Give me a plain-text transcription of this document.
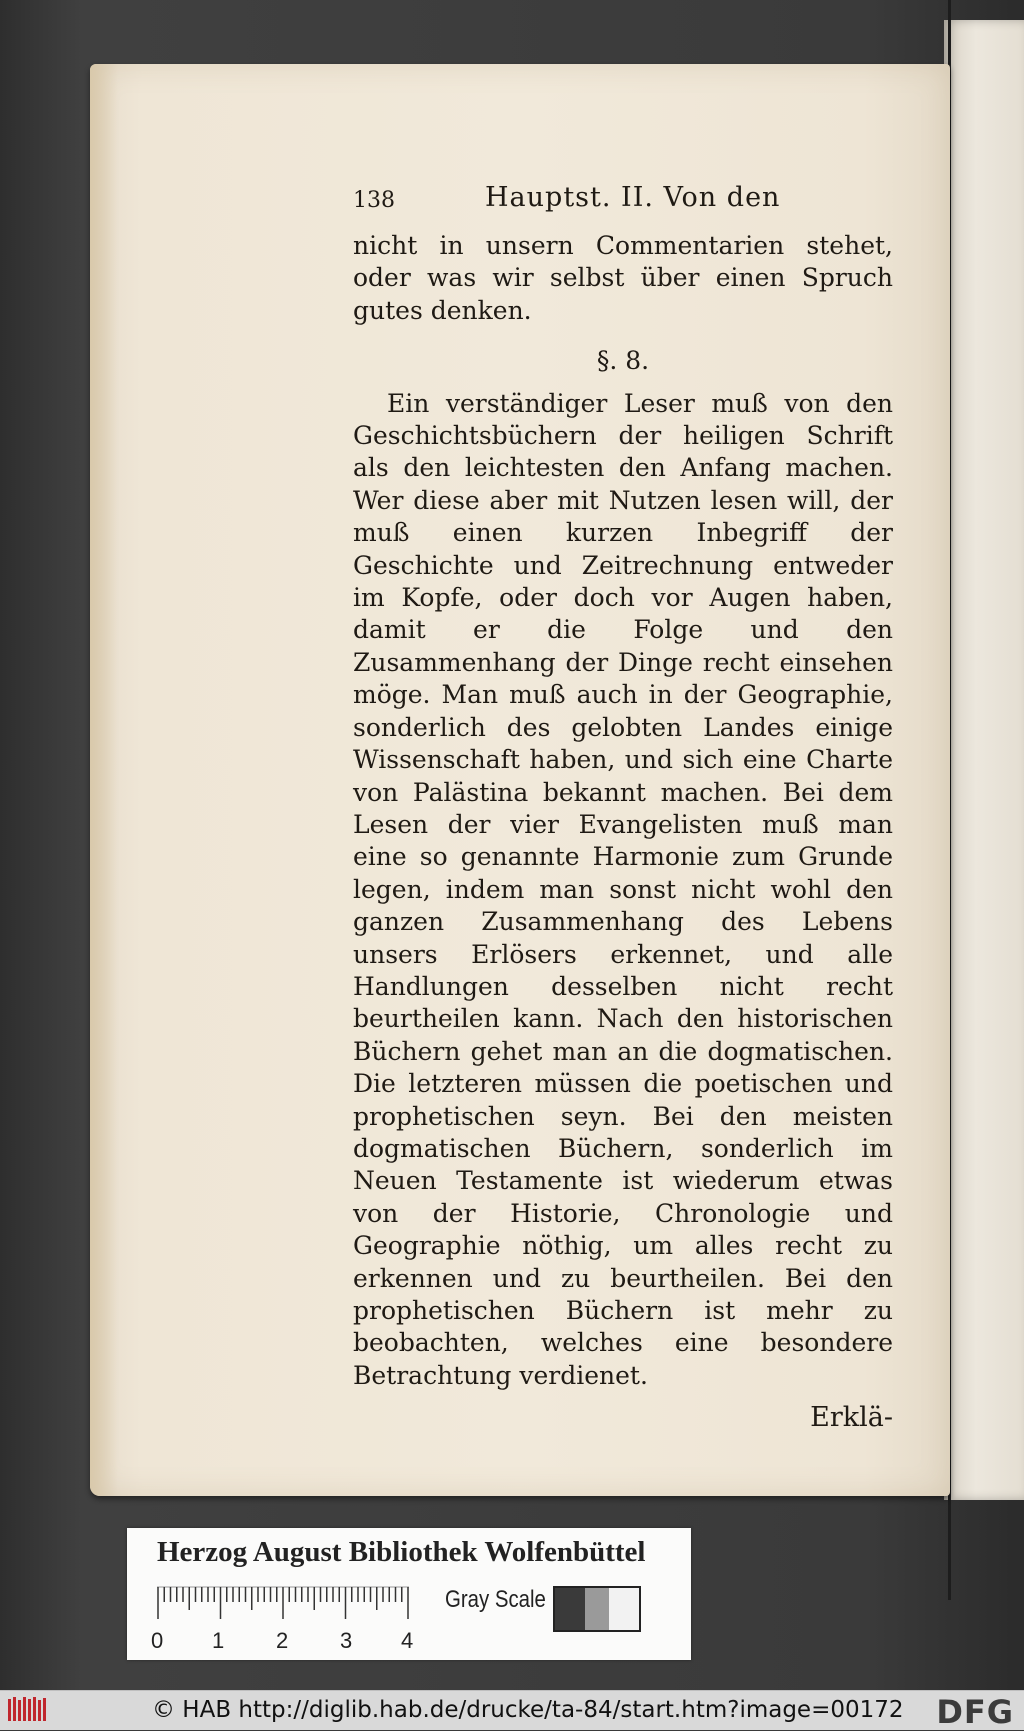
138	Hauptst. II. Von den

nicht in unsern Commentarien stehet, oder was wir selbst über einen Spruch gutes denken.

§. 8.

Ein verständiger Leser muß von den Geschichtsbüchern der heiligen Schrift als den leichtesten den Anfang machen. Wer diese aber mit Nutzen lesen will, der muß einen kurzen Inbegriff der Geschichte und Zeitrechnung entweder im Kopfe, oder doch vor Augen haben, damit er die Folge und den Zusammenhang der Dinge recht einsehen möge. Man muß auch in der Geographie, sonderlich des gelobten Landes einige Wissenschaft haben, und sich eine Charte von Palästina bekannt machen. Bei dem Lesen der vier Evangelisten muß man eine so genannte Harmonie zum Grunde legen, indem man sonst nicht wohl den ganzen Zusammenhang des Lebens unsers Erlösers erkennet, und alle Handlungen desselben nicht recht beurtheilen kann. Nach den historischen Büchern gehet man an die dogmatischen. Die letzteren müssen die poetischen und prophetischen seyn. Bei den meisten dogmatischen Büchern, sonderlich im Neuen Testamente ist wiederum etwas von der Historie, Chronologie und Geographie nöthig, um alles recht zu erkennen und zu beurtheilen. Bei den prophetischen Büchern ist mehr zu beobachten, welches eine besondere Betrachtung verdienet.

Erklä-

Herzog August Bibliothek Wolfenbüttel
0 1 2 3 4
Gray Scale
© HAB http://diglib.hab.de/drucke/ta-84/start.htm?image=00172 DFG
